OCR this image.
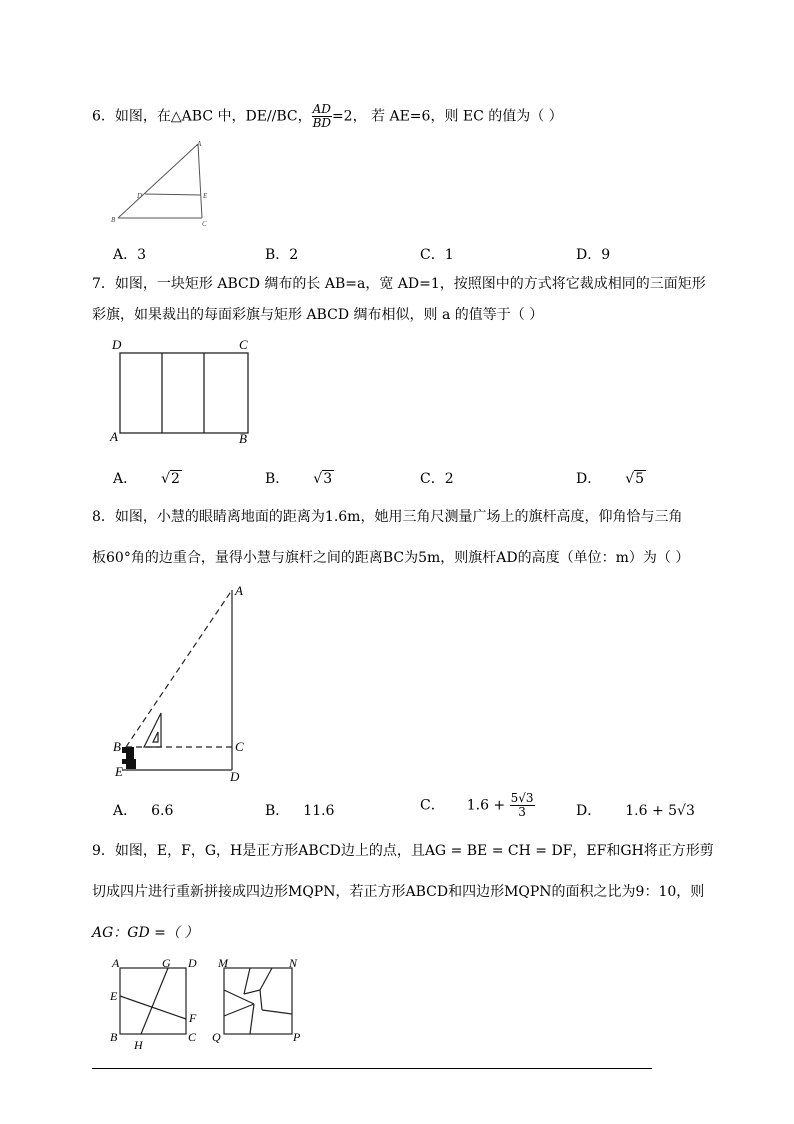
6．如图，在△ABC 中，DE//BC， $\frac{AD}{BD} =2$， 若 AE=6，则 EC 的值为（ ）
A
D	E
B	C
A．3	B．2	C．1	D．9
7．如图，一块矩形 ABCD 绸布的长 AB=a，宽 AD=1，按照图中的方式将它裁成相同的三面矩形
彩旗，如果裁出的每面彩旗与矩形 ABCD 绸布相似，则 a 的值等于（ ）
D	C
A	B
A． √2	B． √3	C．2	D． √5
8．如图，小慧的眼睛离地面的距离为1.6m，她用三角尺测量广场上的旗杆高度，仰角恰与三角
板60°角的边重合，量得小慧与旗杆之间的距离BC为5m，则旗杆AD的高度（单位：m）为（ ）
A
B	C
E	D
A． 6.6	B． 11.6	C． $1.6 + \frac{5√3}{3}$	D． 1.6 + 5√3
9．如图，E，F，G，H是正方形ABCD边上的点，且AG = BE = CH = DF，EF和GH将正方形剪
切成四片进行重新拼接成四边形MQPN，若正方形ABCD和四边形MQPN的面积之比为9：10，则
AG：GD =（ ）
A	G D
E
F
B
H
C
M	N
Q	P
